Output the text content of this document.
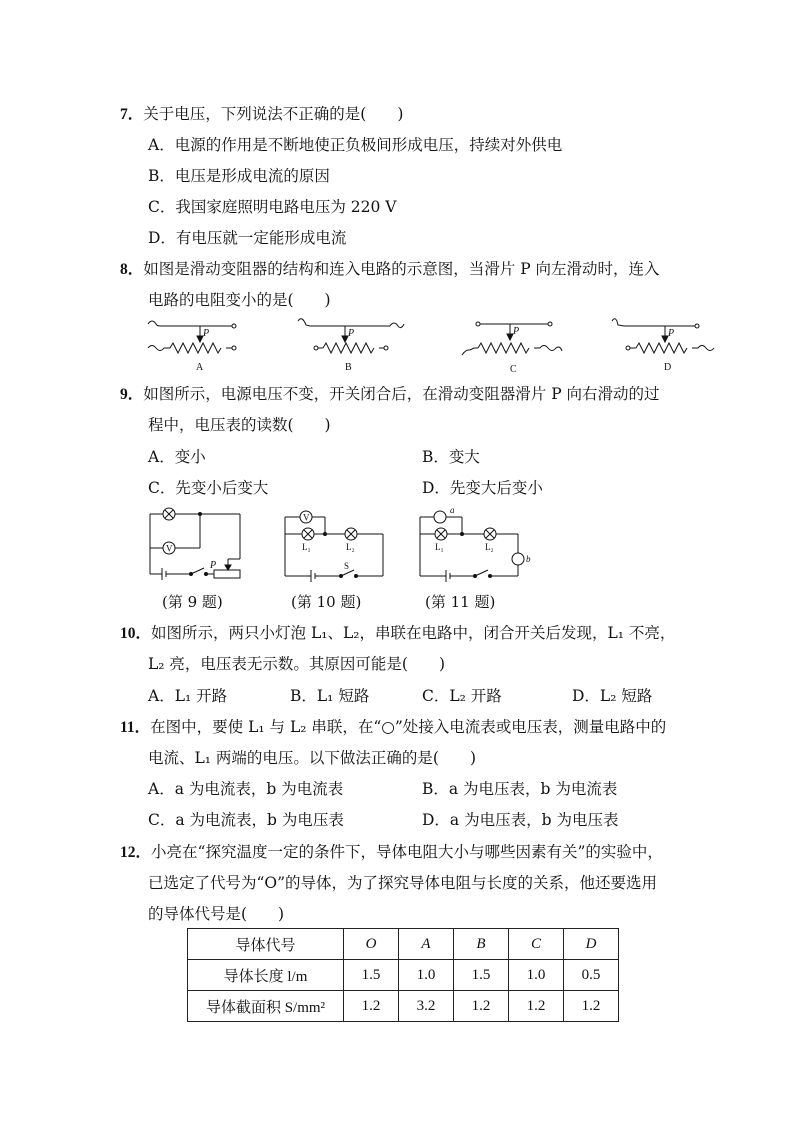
7．关于电压，下列说法不正确的是(　　)
A．电源的作用是不断地使正负极间形成电压，持续对外供电
B．电压是形成电流的原因
C．我国家庭照明电路电压为 220 V
D．有电压就一定能形成电流
8．如图是滑动变阻器的结构和连入电路的示意图，当滑片 P 向左滑动时，连入
电路的电阻变小的是(　　)
P	P	P	P
A	B	C	D
9．如图所示，电源电压不变，开关闭合后，在滑动变阻器滑片 P 向右滑动的过
程中，电压表的读数(　　)
A．变小	B．变大
C．先变小后变大	D．先变大后变小
V
P
V
L₁	L₂
S
a
L₁	L₂
b
(第 9 题)	(第 10 题)	(第 11 题)
10．如图所示，两只小灯泡 L₁、L₂，串联在电路中，闭合开关后发现，L₁ 不亮，
L₂ 亮，电压表无示数。其原因可能是(　　)
A．L₁ 开路	B．L₁ 短路	C．L₂ 开路	D．L₂ 短路
11．在图中，要使 L₁ 与 L₂ 串联，在“○”处接入电流表或电压表，测量电路中的
电流、L₁ 两端的电压。以下做法正确的是(　　)
A．a 为电流表，b 为电流表	B．a 为电压表，b 为电流表
C．a 为电流表，b 为电压表	D．a 为电压表，b 为电压表
12．小亮在“探究温度一定的条件下，导体电阻大小与哪些因素有关”的实验中，
已选定了代号为“O”的导体，为了探究导体电阻与长度的关系，他还要选用
的导体代号是(　　)
导体代号	O	A	B	C	D
导体长度 l/m	1.5	1.0	1.5	1.0	0.5
导体截面积 S/mm²	1.2	3.2	1.2	1.2	1.2
